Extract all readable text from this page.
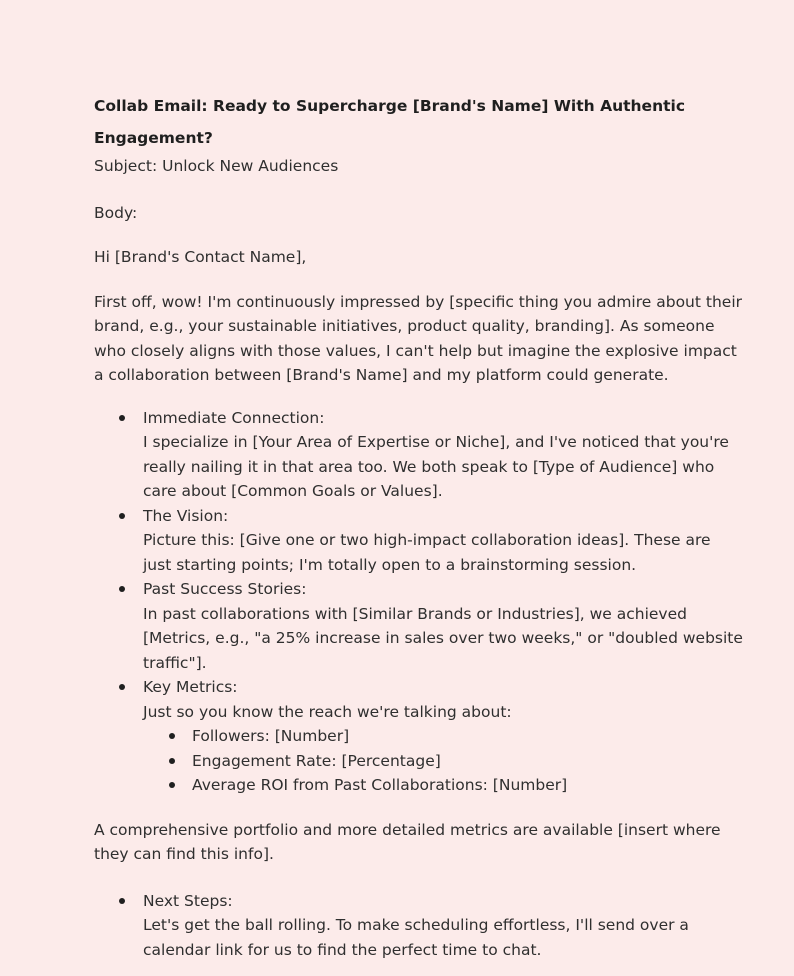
Collab Email: Ready to Supercharge [Brand's Name] With Authentic Engagement?

Subject: Unlock New Audiences

Body:

Hi [Brand's Contact Name],

First off, wow! I'm continuously impressed by [specific thing you admire about their brand, e.g., your sustainable initiatives, product quality, branding]. As someone who closely aligns with those values, I can't help but imagine the explosive impact a collaboration between [Brand's Name] and my platform could generate.

Immediate Connection:
I specialize in [Your Area of Expertise or Niche], and I've noticed that you're really nailing it in that area too. We both speak to [Type of Audience] who care about [Common Goals or Values].
The Vision:
Picture this: [Give one or two high-impact collaboration ideas]. These are just starting points; I'm totally open to a brainstorming session.
Past Success Stories:
In past collaborations with [Similar Brands or Industries], we achieved [Metrics, e.g., "a 25% increase in sales over two weeks," or "doubled website traffic"].
Key Metrics:
Just so you know the reach we're talking about:
Followers: [Number]
Engagement Rate: [Percentage]
Average ROI from Past Collaborations: [Number]

A comprehensive portfolio and more detailed metrics are available [insert where they can find this info].

Next Steps:
Let's get the ball rolling. To make scheduling effortless, I'll send over a calendar link for us to find the perfect time to chat.
